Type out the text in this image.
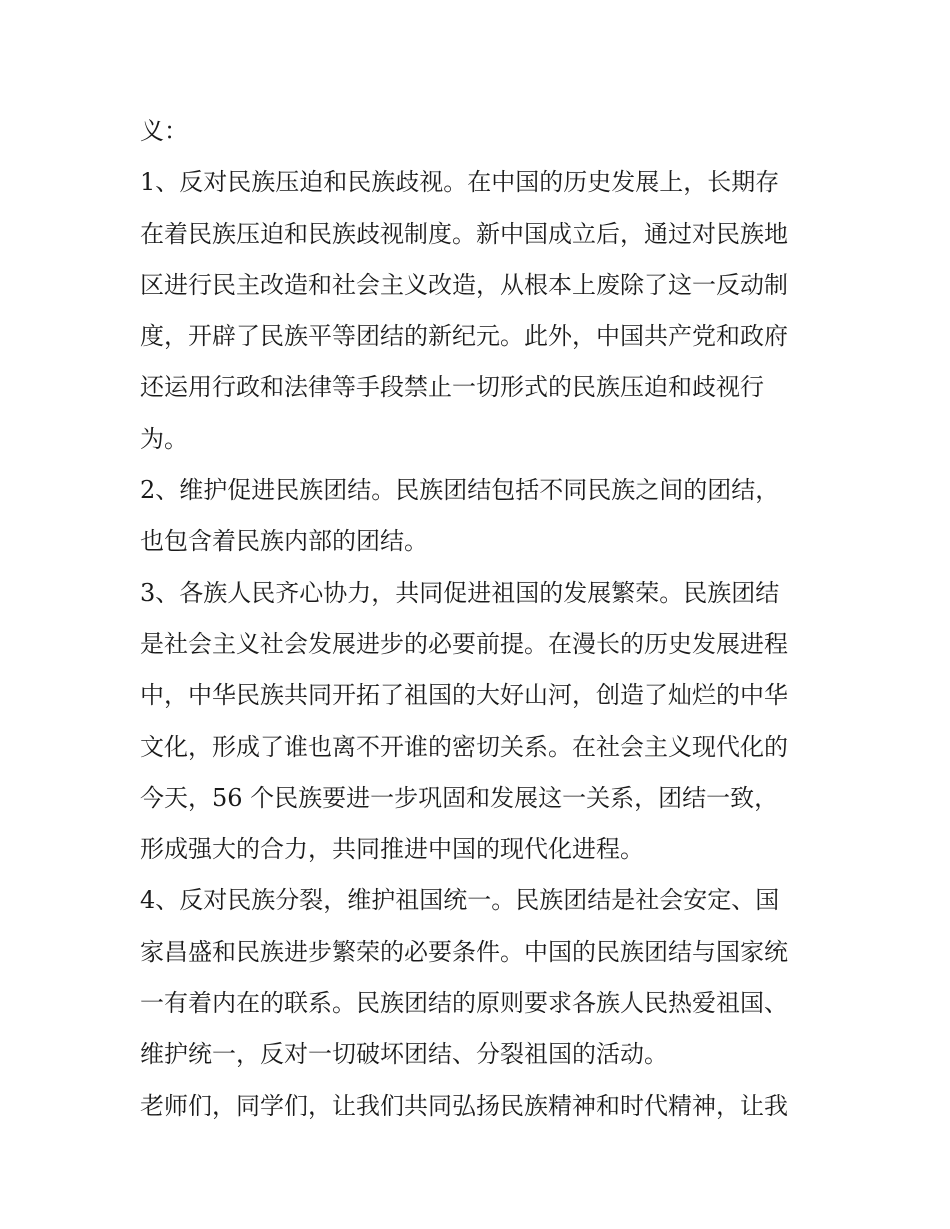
义：
1、反对民族压迫和民族歧视。在中国的历史发展上，长期存
在着民族压迫和民族歧视制度。新中国成立后，通过对民族地
区进行民主改造和社会主义改造，从根本上废除了这一反动制
度，开辟了民族平等团结的新纪元。此外，中国共产党和政府
还运用行政和法律等手段禁止一切形式的民族压迫和歧视行
为。
2、维护促进民族团结。民族团结包括不同民族之间的团结，
也包含着民族内部的团结。
3、各族人民齐心协力，共同促进祖国的发展繁荣。民族团结
是社会主义社会发展进步的必要前提。在漫长的历史发展进程
中，中华民族共同开拓了祖国的大好山河，创造了灿烂的中华
文化，形成了谁也离不开谁的密切关系。在社会主义现代化的
今天，56 个民族要进一步巩固和发展这一关系，团结一致，
形成强大的合力，共同推进中国的现代化进程。
4、反对民族分裂，维护祖国统一。民族团结是社会安定、国
家昌盛和民族进步繁荣的必要条件。中国的民族团结与国家统
一有着内在的联系。民族团结的原则要求各族人民热爱祖国、
维护统一，反对一切破坏团结、分裂祖国的活动。
老师们，同学们，让我们共同弘扬民族精神和时代精神，让我
